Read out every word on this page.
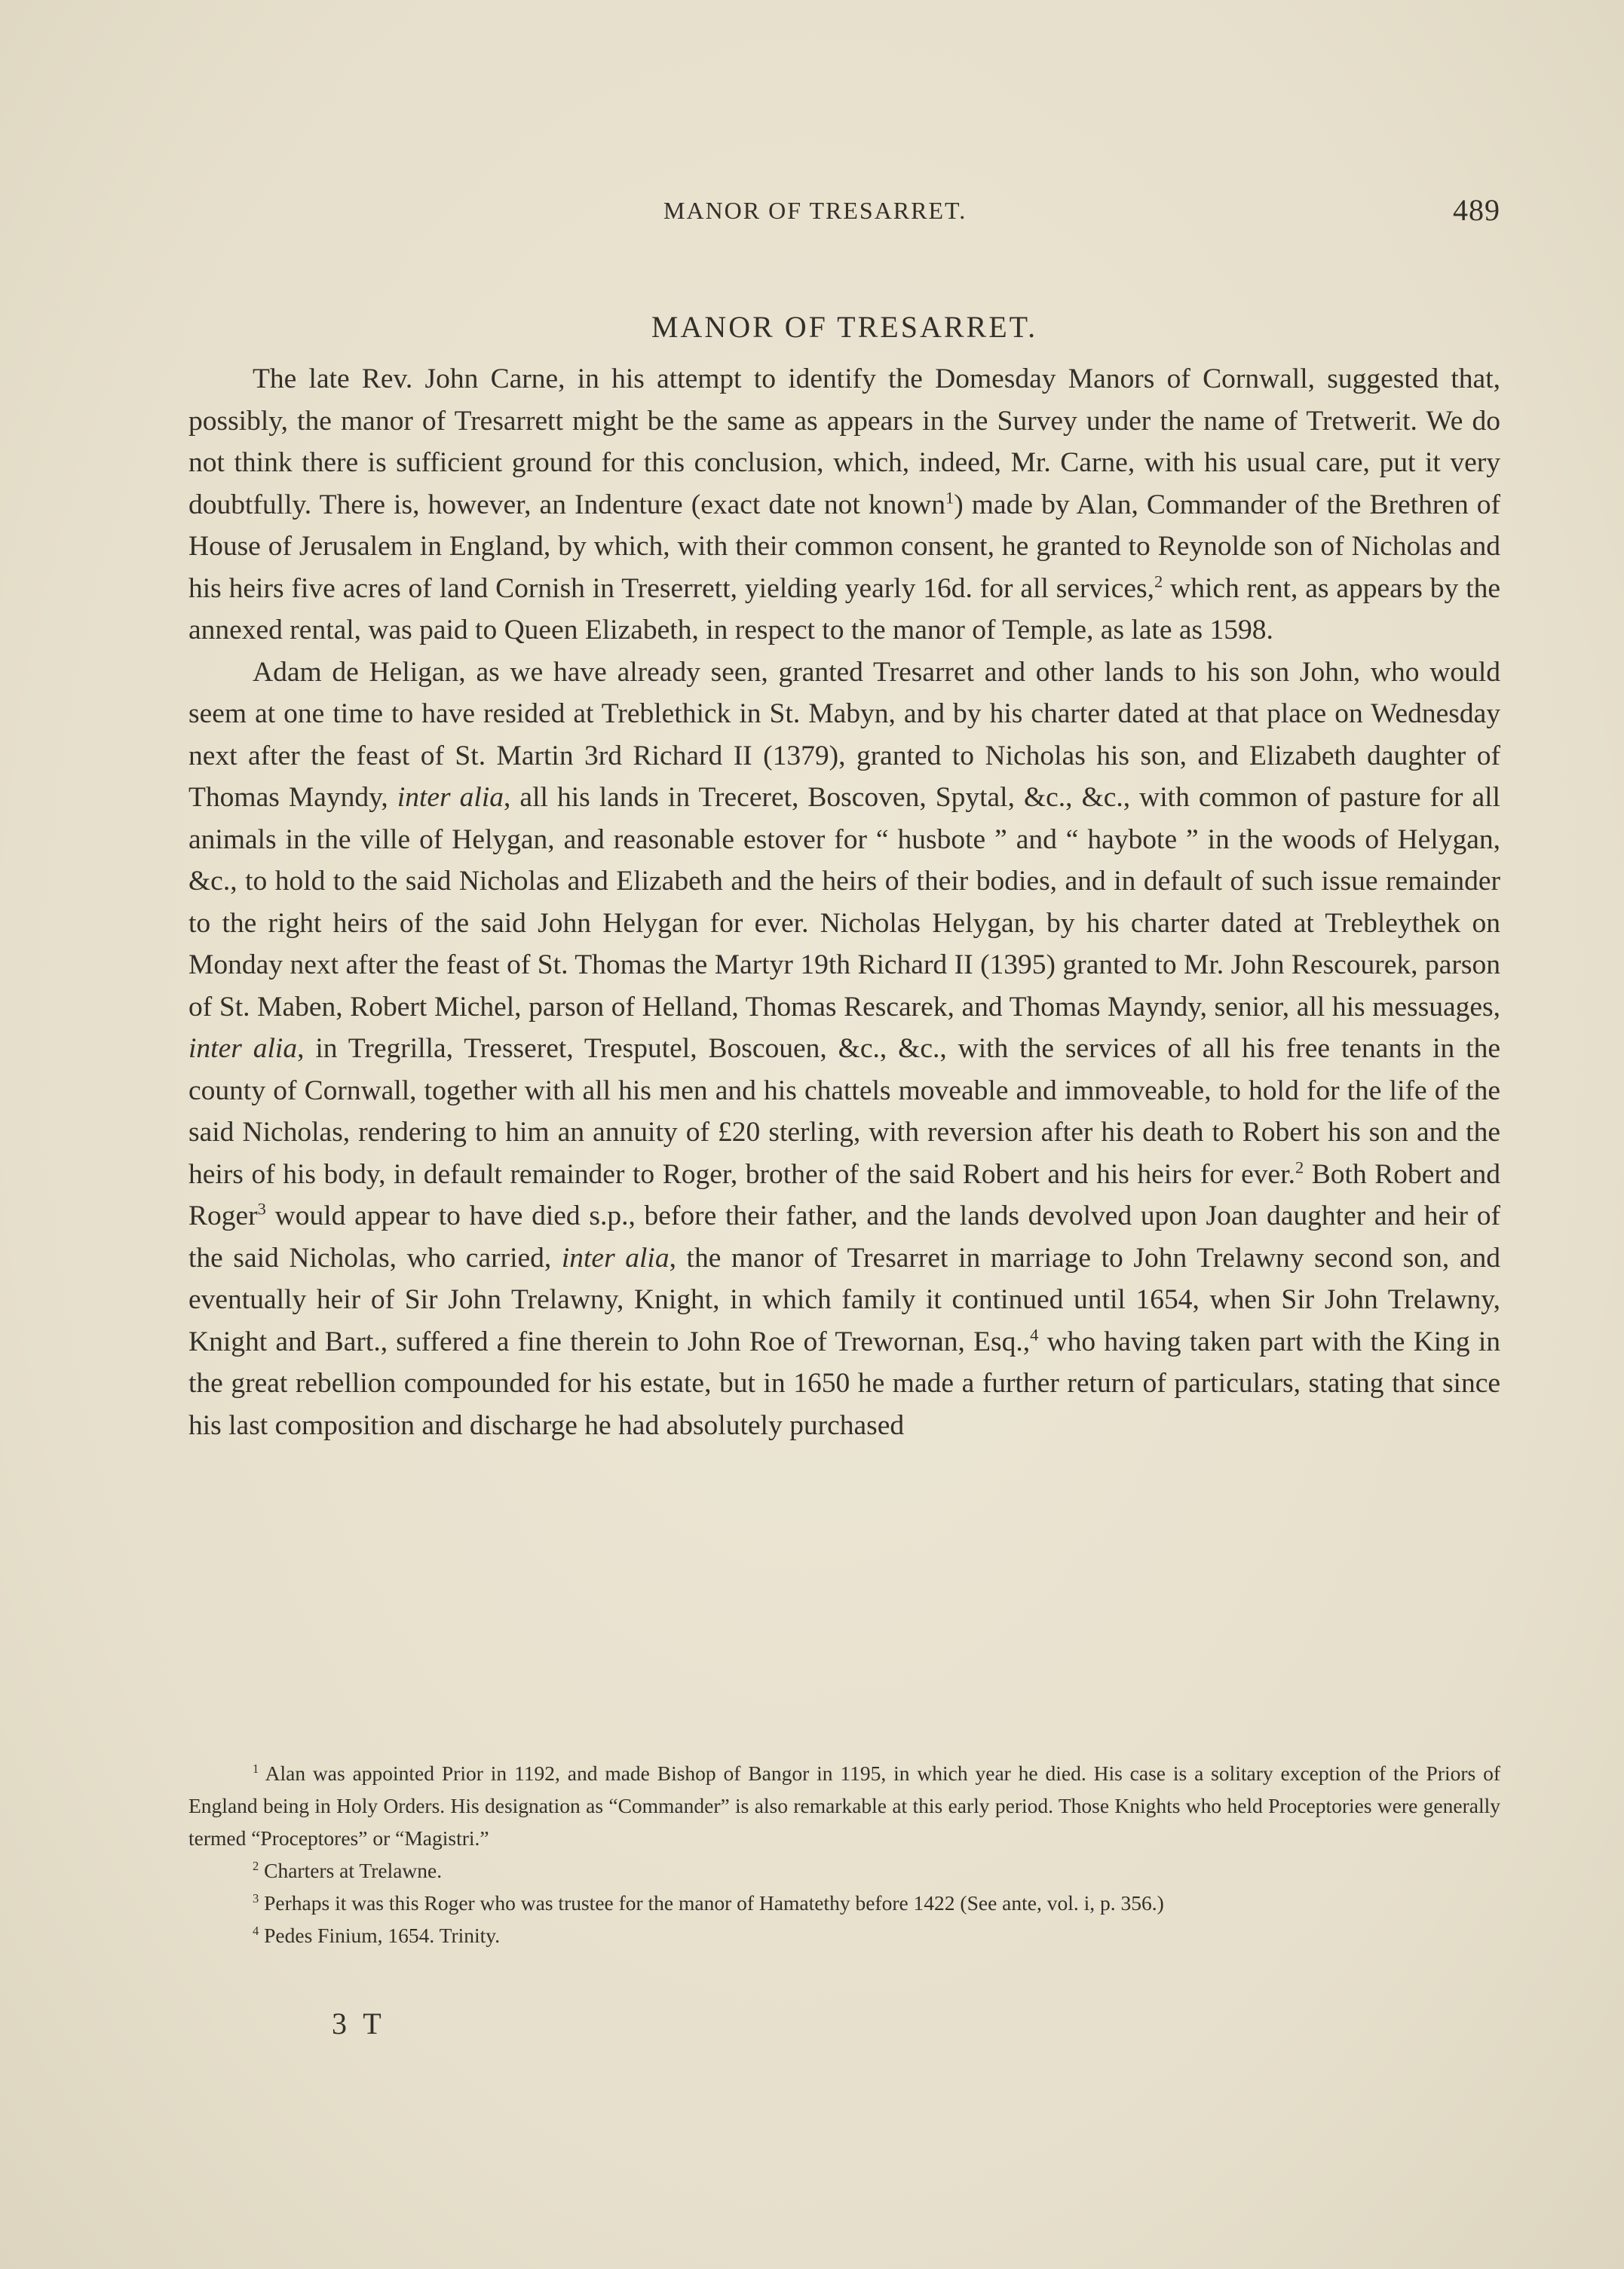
MANOR OF TRESARRET.	489
MANOR OF TRESARRET.

The late Rev. John Carne, in his attempt to identify the Domesday Manors of Cornwall, suggested that, possibly, the manor of Tresarrett might be the same as appears in the Survey under the name of Tretwerit. We do not think there is sufficient ground for this conclusion, which, indeed, Mr. Carne, with his usual care, put it very doubtfully. There is, however, an Indenture (exact date not known$^1$) made by Alan, Commander of the Brethren of House of Jerusalem in England, by which, with their common consent, he granted to Reynolde son of Nicholas and his heirs five acres of land Cornish in Treserrett, yielding yearly 16d. for all services,$^2$ which rent, as appears by the annexed rental, was paid to Queen Elizabeth, in respect to the manor of Temple, as late as 1598.

Adam de Heligan, as we have already seen, granted Tresarret and other lands to his son John, who would seem at one time to have resided at Treblethick in St. Mabyn, and by his charter dated at that place on Wednesday next after the feast of St. Martin 3rd Richard II (1379), granted to Nicholas his son, and Elizabeth daughter of Thomas Mayndy, inter alia, all his lands in Treceret, Boscoven, Spytal, &c., &c., with common of pasture for all animals in the ville of Helygan, and reasonable estover for “ husbote ” and “ haybote ” in the woods of Helygan, &c., to hold to the said Nicholas and Elizabeth and the heirs of their bodies, and in default of such issue remainder to the right heirs of the said John Helygan for ever. Nicholas Helygan, by his charter dated at Trebleythek on Monday next after the feast of St. Thomas the Martyr 19th Richard II (1395) granted to Mr. John Rescourek, parson of St. Maben, Robert Michel, parson of Helland, Thomas Rescarek, and Thomas Mayndy, senior, all his messuages, inter alia, in Tregrilla, Tresseret, Tresputel, Boscouen, &c., &c., with the services of all his free tenants in the county of Cornwall, together with all his men and his chattels moveable and immoveable, to hold for the life of the said Nicholas, rendering to him an annuity of £20 sterling, with reversion after his death to Robert his son and the heirs of his body, in default remainder to Roger, brother of the said Robert and his heirs for ever.$^2$ Both Robert and Roger$^3$ would appear to have died s.p., before their father, and the lands devolved upon Joan daughter and heir of the said Nicholas, who carried, inter alia, the manor of Tresarret in marriage to John Trelawny second son, and eventually heir of Sir John Trelawny, Knight, in which family it continued until 1654, when Sir John Trelawny, Knight and Bart., suffered a fine therein to John Roe of Trewornan, Esq.,$^4$ who having taken part with the King in the great rebellion compounded for his estate, but in 1650 he made a further return of particulars, stating that since his last composition and discharge he had absolutely purchased

$^1$ Alan was appointed Prior in 1192, and made Bishop of Bangor in 1195, in which year he died. His case is a solitary exception of the Priors of England being in Holy Orders. His designation as “Commander” is also remarkable at this early period. Those Knights who held Proceptories were generally termed “Proceptores” or “Magistri.”

$^2$ Charters at Trelawne.

$^3$ Perhaps it was this Roger who was trustee for the manor of Hamatethy before 1422 (See ante, vol. i, p. 356.)

$^4$ Pedes Finium, 1654. Trinity.

3 T
